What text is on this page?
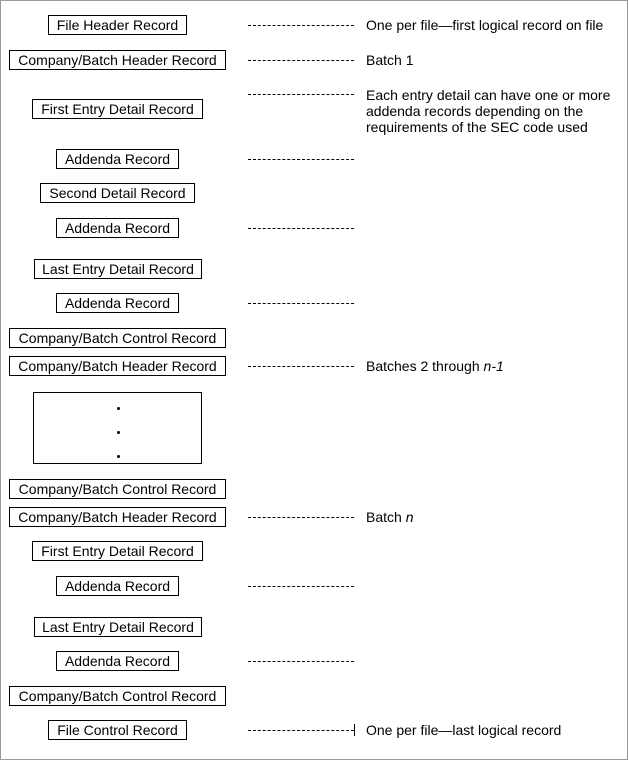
File Header Record	One per file—first logical record on file
Company/Batch Header Record	Batch 1
First Entry Detail Record
Each entry detail can have one or more
addenda records depending on the
requirements of the SEC code used
Addenda Record
Second Detail Record
Addenda Record
Last Entry Detail Record
Addenda Record
Company/Batch Control Record
Company/Batch Header Record	Batches 2 through n-1
Company/Batch Control Record
Company/Batch Header Record	Batch n
First Entry Detail Record
Addenda Record
Last Entry Detail Record
Addenda Record
Company/Batch Control Record
File Control Record	One per file—last logical record
